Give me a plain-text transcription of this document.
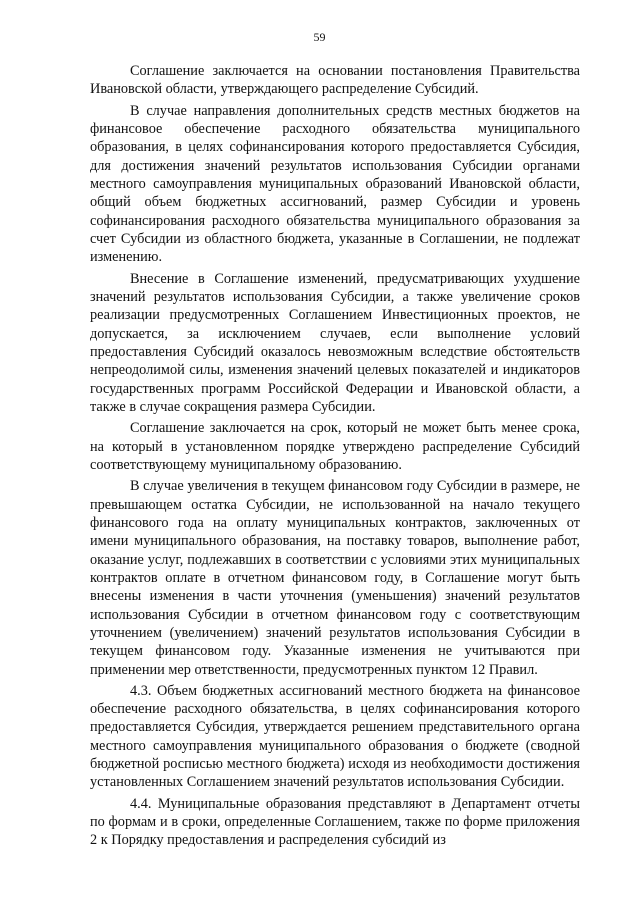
59

Соглашение заключается на основании постановления Правительства Ивановской области, утверждающего распределение Субсидий.

В случае направления дополнительных средств местных бюджетов на финансовое обеспечение расходного обязательства муниципального образования, в целях софинансирования которого предоставляется Субсидия, для достижения значений результатов использования Субсидии органами местного самоуправления муниципальных образований Ивановской области, общий объем бюджетных ассигнований, размер Субсидии и уровень софинансирования расходного обязательства муниципального образования за счет Субсидии из областного бюджета, указанные в Соглашении, не подлежат изменению.

Внесение в Соглашение изменений, предусматривающих ухудшение значений результатов использования Субсидии, а также увеличение сроков реализации предусмотренных Соглашением Инвестиционных проектов, не допускается, за исключением случаев, если выполнение условий предоставления Субсидий оказалось невозможным вследствие обстоятельств непреодолимой силы, изменения значений целевых показателей и индикаторов государственных программ Российской Федерации и Ивановской области, а также в случае сокращения размера Субсидии.

Соглашение заключается на срок, который не может быть менее срока, на который в установленном порядке утверждено распределение Субсидий соответствующему муниципальному образованию.

В случае увеличения в текущем финансовом году Субсидии в размере, не превышающем остатка Субсидии, не использованной на начало текущего финансового года на оплату муниципальных контрактов, заключенных от имени муниципального образования, на поставку товаров, выполнение работ, оказание услуг, подлежавших в соответствии с условиями этих муниципальных контрактов оплате в отчетном финансовом году, в Соглашение могут быть внесены изменения в части уточнения (уменьшения) значений результатов использования Субсидии в отчетном финансовом году с соответствующим уточнением (увеличением) значений результатов использования Субсидии в текущем финансовом году. Указанные изменения не учитываются при применении мер ответственности, предусмотренных пунктом 12 Правил.

4.3. Объем бюджетных ассигнований местного бюджета на финансовое обеспечение расходного обязательства, в целях софинансирования которого предоставляется Субсидия, утверждается решением представительного органа местного самоуправления муниципального образования о бюджете (сводной бюджетной росписью местного бюджета) исходя из необходимости достижения установленных Соглашением значений результатов использования Субсидии.

4.4. Муниципальные образования представляют в Департамент отчеты по формам и в сроки, определенные Соглашением, также по форме приложения 2 к Порядку предоставления и распределения субсидий из
